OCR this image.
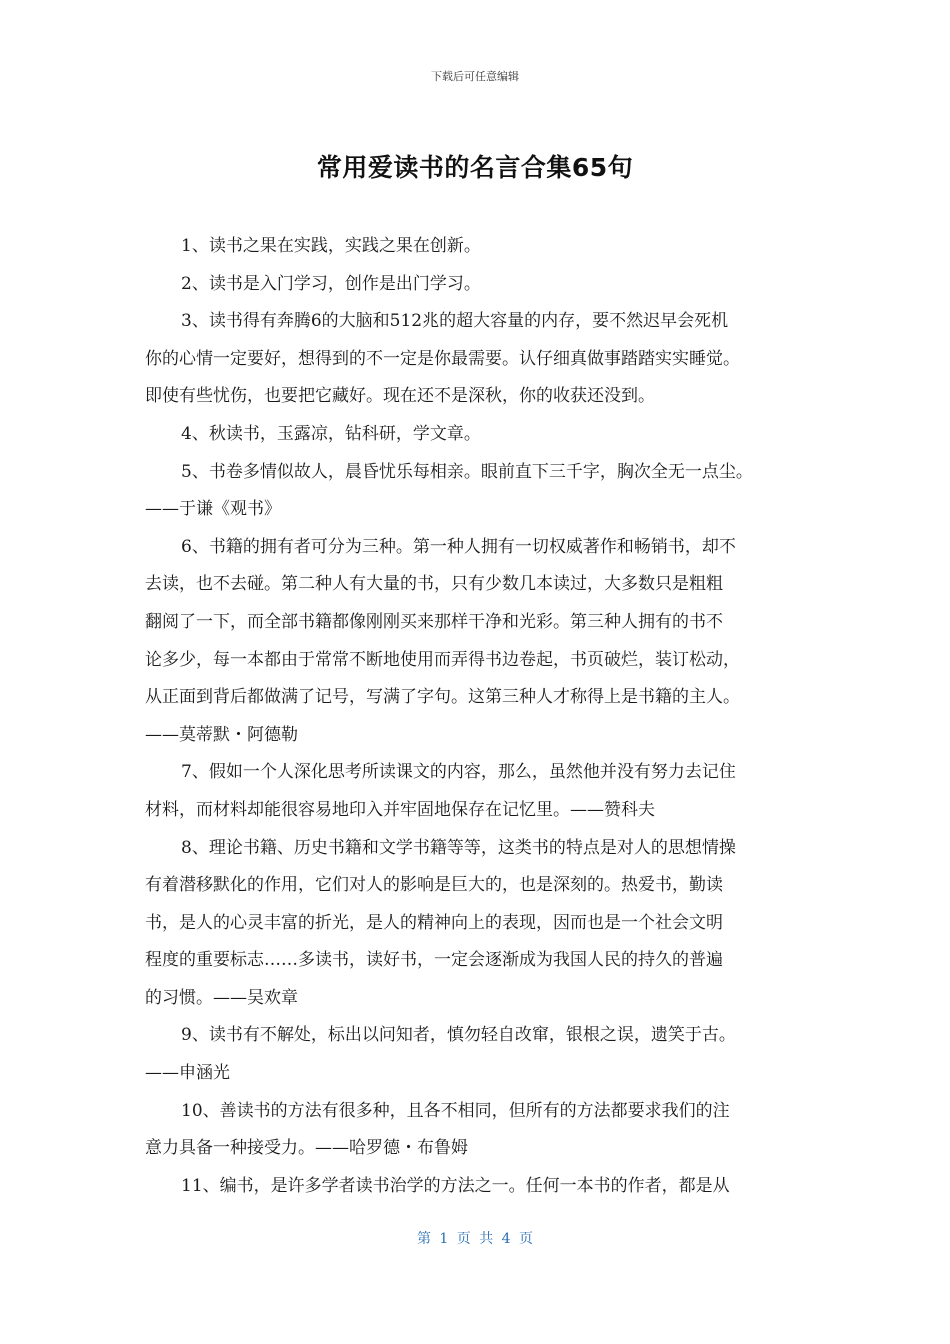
下载后可任意编辑
常用爱读书的名言合集65句
1、读书之果在实践，实践之果在创新。
2、读书是入门学习，创作是出门学习。
3、读书得有奔腾6的大脑和512兆的超大容量的内存，要不然迟早会死机
你的心情一定要好，想得到的不一定是你最需要。认仔细真做事踏踏实实睡觉。
即使有些忧伤，也要把它藏好。现在还不是深秋，你的收获还没到。
4、秋读书，玉露凉，钻科研，学文章。
5、书卷多情似故人，晨昏忧乐每相亲。眼前直下三千字，胸次全无一点尘。
——于谦《观书》
6、书籍的拥有者可分为三种。第一种人拥有一切权威著作和畅销书，却不
去读，也不去碰。第二种人有大量的书，只有少数几本读过，大多数只是粗粗
翻阅了一下，而全部书籍都像刚刚买来那样干净和光彩。第三种人拥有的书不
论多少，每一本都由于常常不断地使用而弄得书边卷起，书页破烂，装订松动，
从正面到背后都做满了记号，写满了字句。这第三种人才称得上是书籍的主人。
——莫蒂默・阿德勒
7、假如一个人深化思考所读课文的内容，那么，虽然他并没有努力去记住
材料，而材料却能很容易地印入并牢固地保存在记忆里。——赞科夫
8、理论书籍、历史书籍和文学书籍等等，这类书的特点是对人的思想情操
有着潜移默化的作用，它们对人的影响是巨大的，也是深刻的。热爱书，勤读
书，是人的心灵丰富的折光，是人的精神向上的表现，因而也是一个社会文明
程度的重要标志……多读书，读好书，一定会逐渐成为我国人民的持久的普遍
的习惯。——吴欢章
9、读书有不解处，标出以问知者，慎勿轻自改窜，银根之误，遗笑于古。
——申涵光
10、善读书的方法有很多种，且各不相同，但所有的方法都要求我们的注
意力具备一种接受力。——哈罗德・布鲁姆
11、编书，是许多学者读书治学的方法之一。任何一本书的作者，都是从
第 1 页 共 4 页
